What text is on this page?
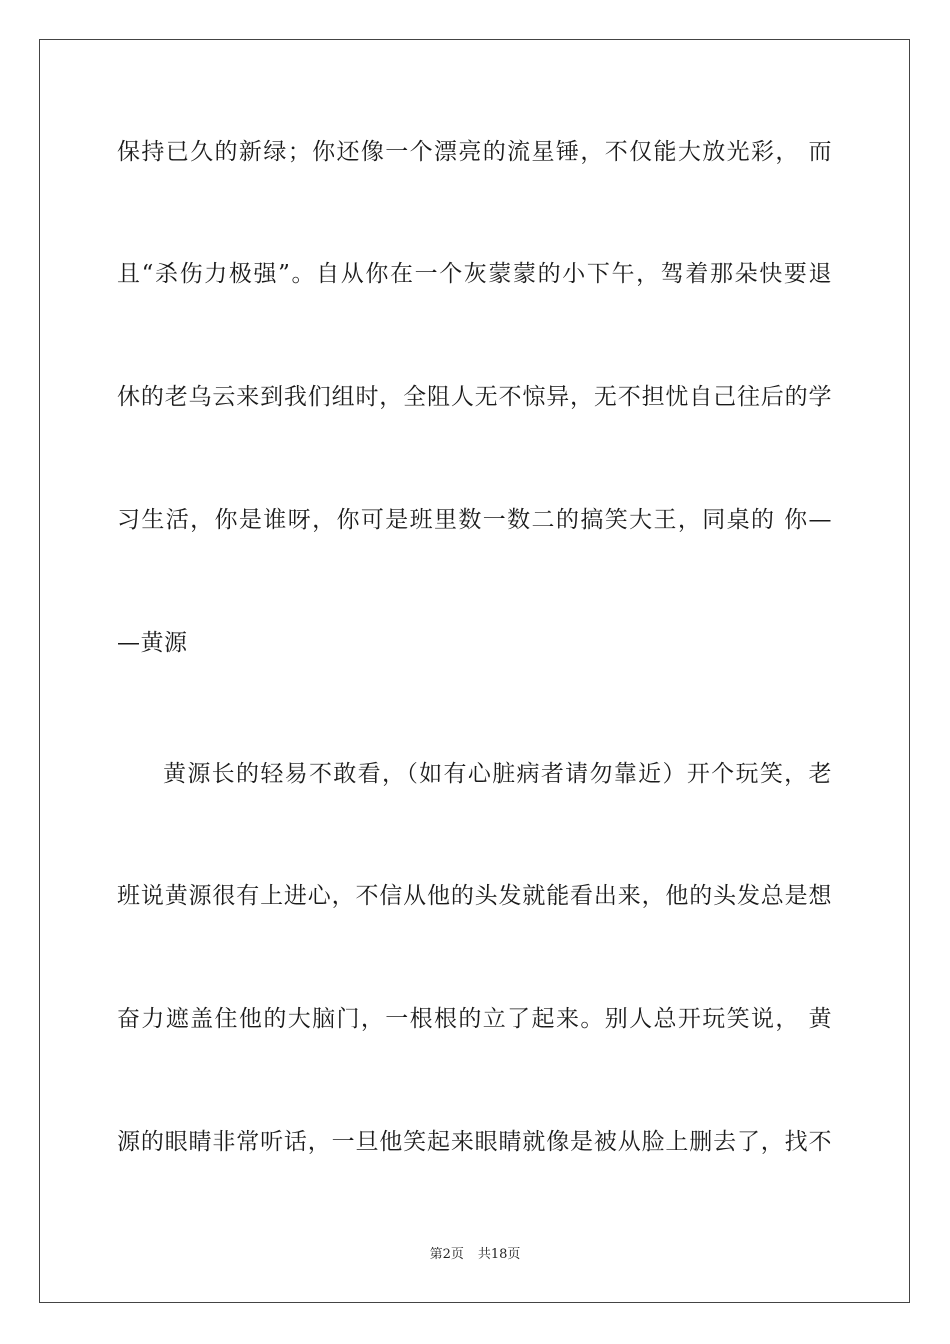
保持已久的新绿；你还像一个漂亮的流星锤，不仅能大放光彩， 而
且“杀伤力极强”。自从你在一个灰蒙蒙的小下午，驾着那朵快要退
休的老乌云来到我们组时，全阻人无不惊异，无不担忧自己往后的学
习生活，你是谁呀，你可是班里数一数二的搞笑大王，同桌的 你—
—黄源
黄源长的轻易不敢看，（如有心脏病者请勿靠近）开个玩笑，老
班说黄源很有上进心，不信从他的头发就能看出来，他的头发总是想
奋力遮盖住他的大脑门，一根根的立了起来。别人总开玩笑说， 黄
源的眼睛非常听话，一旦他笑起来眼睛就像是被从脸上删去了，找不
第2页 共18页
